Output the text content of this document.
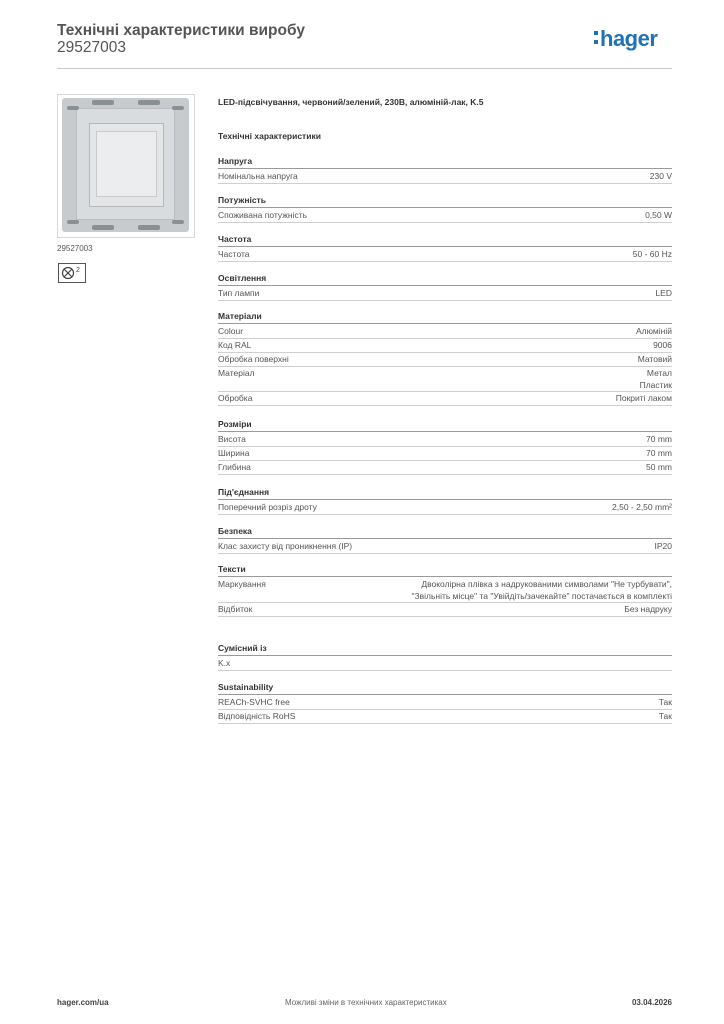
Технічні характеристики виробу
29527003	hager
29527003
2
LED-підсвічування, червоний/зелений, 230В, алюміній-лак, K.5
Технічні характеристики
Напруга
Номінальна напруга	230 V
Потужність
Споживана потужність	0,50 W
Частота
Частота	50 - 60 Hz
Освітлення
Тип лампи	LED
Матеріали
Colour	Алюміній
Код RAL	9006
Обробка поверхні	Матовий
Матеріал	Метал
Пластик
Обробка	Покриті лаком
Розміри
Висота	70 mm
Ширина	70 mm
Глибина	50 mm
Під'єднання
Поперечний розріз дроту	2,50 - 2,50 mm²
Безпека
Клас захисту від проникнення (IP)	IP20
Тексти
Маркування	Двоколірна плівка з надрукованими символами "Не турбувати",
"Звільніть місце" та "Увійдіть/зачекайте" постачається в комплекті
Відбиток	Без надруку
Сумісний із
K.x
Sustainability
REACh-SVHC free	Так
Відповідність RoHS	Так
hager.com/ua	Можливі зміни в технічних характеристиках	03.04.2026
